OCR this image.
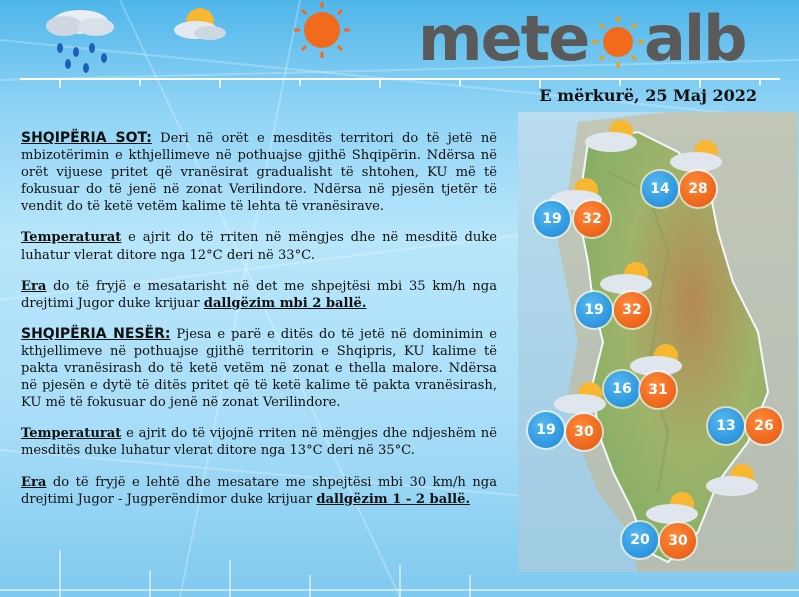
mete alb
E mërkurë, 25 Maj 2022

SHQIPËRIA SOT: Deri në orët e mesditës territori do të jetë në mbizotërimin e kthjellimeve në pothuajse gjithë Shqipërin. Ndërsa në orët vijuese pritet që vranësirat gradualisht të shtohen, KU më të fokusuar do të jenë në zonat Verilindore. Ndërsa në pjesën tjetër të vendit do të ketë vetëm kalime të lehta të vranësirave.

Temperaturat e ajrit do të rriten në mëngjes dhe në mesditë duke luhatur vlerat ditore nga 12°C deri në 33°C.

Era do të fryjë e mesatarisht në det me shpejtësi mbi 35 km/h nga drejtimi Jugor duke krijuar dallgëzim mbi 2 ballë.

SHQIPËRIA NESËR: Pjesa e parë e ditës do të jetë në dominimin e kthjellimeve në pothuajse gjithë territorin e Shqipris, KU kalime të pakta vranësirash do të ketë vetëm në zonat e thella malore. Ndërsa në pjesën e dytë të ditës pritet që të ketë kalime të pakta vranësirash, KU më të fokusuar do jenë në zonat Verilindore.

Temperaturat e ajrit do të vijojnë rriten në mëngjes dhe ndjeshëm në mesditës duke luhatur vlerat ditore nga 13°C deri në 35°C.

Era do të fryjë e lehtë dhe mesatare me shpejtësi mbi 30 km/h nga drejtimi Jugor - Jugperëndimor duke krijuar dallgëzim 1 - 2 ballë.

14	28
19	32
19	32
16	31
19	30	13	26
20	30
